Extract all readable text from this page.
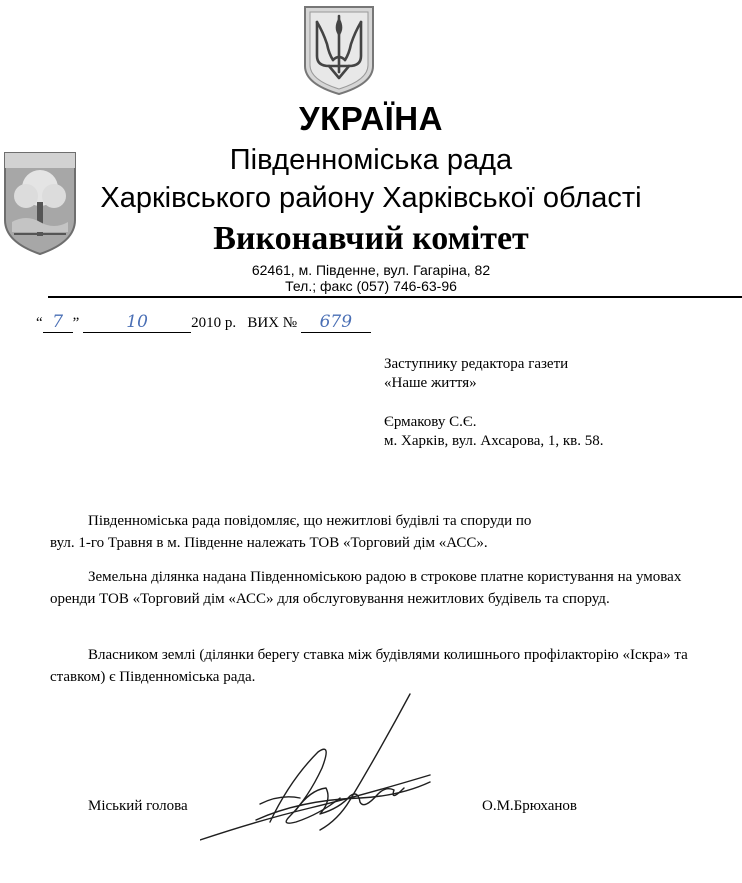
УКРАЇНА
Південноміська рада
Харківського району Харківської області
Виконавчий комітет
62461, м. Південне, вул. Гагаріна, 82
Тел.; факс (057) 746-63-96
“ 7 ”	10	2010 р. ВИХ № 679
Заступнику редактора газети
«Наше життя»
Єрмакову С.Є.
м. Харків, вул. Ахсарова, 1, кв. 58.
Південноміська рада повідомляє, що нежитлові будівлі та споруди по
вул. 1-го Травня в м. Південне належать ТОВ «Торговий дім «АСС».
Земельна ділянка надана Південноміською радою в строкове платне користування на умовах оренди ТОВ «Торговий дім «АСС» для обслуговування нежитлових будівель та споруд.
Власником землі (ділянки берегу ставка між будівлями колишнього профілакторію «Іскра» та ставком) є Південноміська рада.
Міський голова	О.М.Брюханов
